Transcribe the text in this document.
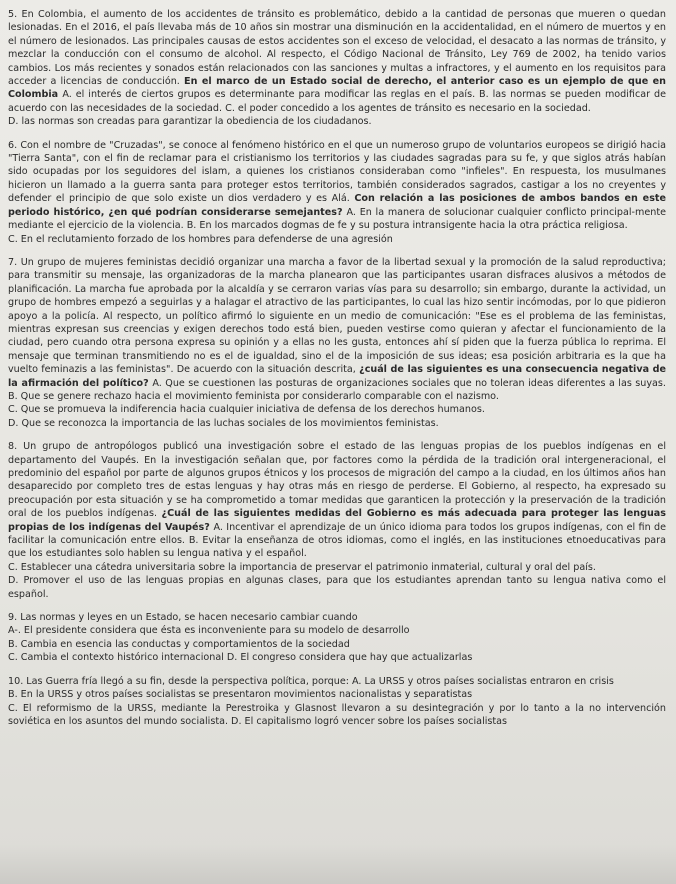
5. En Colombia, el aumento de los accidentes de tránsito es problemático, debido a la cantidad de personas que mueren o quedan lesionadas. En el 2016, el país llevaba más de 10 años sin mostrar una disminución en la accidentalidad, en el número de muertos y en el número de lesionados. Las principales causas de estos accidentes son el exceso de velocidad, el desacato a las normas de tránsito, y mezclar la conducción con el consumo de alcohol. Al respecto, el Código Nacional de Tránsito, Ley 769 de 2002, ha tenido varios cambios. Los más recientes y sonados están relacionados con las sanciones y multas a infractores, y el aumento en los requisitos para acceder a licencias de conducción. En el marco de un Estado social de derecho, el anterior caso es un ejemplo de que en Colombia A. el interés de ciertos grupos es determinante para modificar las reglas en el país. B. las normas se pueden modificar de acuerdo con las necesidades de la sociedad. C. el poder concedido a los agentes de tránsito es necesario en la sociedad.

D. las normas son creadas para garantizar la obediencia de los ciudadanos.

6. Con el nombre de "Cruzadas", se conoce al fenómeno histórico en el que un numeroso grupo de voluntarios europeos se dirigió hacia "Tierra Santa", con el fin de reclamar para el cristianismo los territorios y las ciudades sagradas para su fe, y que siglos atrás habían sido ocupadas por los seguidores del islam, a quienes los cristianos consideraban como "infieles". En respuesta, los musulmanes hicieron un llamado a la guerra santa para proteger estos territorios, también considerados sagrados, castigar a los no creyentes y defender el principio de que solo existe un dios verdadero y es Alá. Con relación a las posiciones de ambos bandos en este periodo histórico, ¿en qué podrían considerarse semejantes? A. En la manera de solucionar cualquier conflicto principal-mente mediante el ejercicio de la violencia. B. En los marcados dogmas de fe y su postura intransigente hacia la otra práctica religiosa.

C. En el reclutamiento forzado de los hombres para defenderse de una agresión

7. Un grupo de mujeres feministas decidió organizar una marcha a favor de la libertad sexual y la promoción de la salud reproductiva; para transmitir su mensaje, las organizadoras de la marcha planearon que las participantes usaran disfraces alusivos a métodos de planificación. La marcha fue aprobada por la alcaldía y se cerraron varias vías para su desarrollo; sin embargo, durante la actividad, un grupo de hombres empezó a seguirlas y a halagar el atractivo de las participantes, lo cual las hizo sentir incómodas, por lo que pidieron apoyo a la policía. Al respecto, un político afirmó lo siguiente en un medio de comunicación: "Ese es el problema de las feministas, mientras expresan sus creencias y exigen derechos todo está bien, pueden vestirse como quieran y afectar el funcionamiento de la ciudad, pero cuando otra persona expresa su opinión y a ellas no les gusta, entonces ahí sí piden que la fuerza pública lo reprima. El mensaje que terminan transmitiendo no es el de igualdad, sino el de la imposición de sus ideas; esa posición arbitraria es la que ha vuelto feminazis a las feministas". De acuerdo con la situación descrita, ¿cuál de las siguientes es una consecuencia negativa de la afirmación del político? A. Que se cuestionen las posturas de organizaciones sociales que no toleran ideas diferentes a las suyas. B. Que se genere rechazo hacia el movimiento feminista por considerarlo comparable con el nazismo.

C. Que se promueva la indiferencia hacia cualquier iniciativa de defensa de los derechos humanos.

D. Que se reconozca la importancia de las luchas sociales de los movimientos feministas.

8. Un grupo de antropólogos publicó una investigación sobre el estado de las lenguas propias de los pueblos indígenas en el departamento del Vaupés. En la investigación señalan que, por factores como la pérdida de la tradición oral intergeneracional, el predominio del español por parte de algunos grupos étnicos y los procesos de migración del campo a la ciudad, en los últimos años han desaparecido por completo tres de estas lenguas y hay otras más en riesgo de perderse. El Gobierno, al respecto, ha expresado su preocupación por esta situación y se ha comprometido a tomar medidas que garanticen la protección y la preservación de la tradición oral de los pueblos indígenas. ¿Cuál de las siguientes medidas del Gobierno es más adecuada para proteger las lenguas propias de los indígenas del Vaupés? A. Incentivar el aprendizaje de un único idioma para todos los grupos indígenas, con el fin de facilitar la comunicación entre ellos. B. Evitar la enseñanza de otros idiomas, como el inglés, en las instituciones etnoeducativas para que los estudiantes solo hablen su lengua nativa y el español.

C. Establecer una cátedra universitaria sobre la importancia de preservar el patrimonio inmaterial, cultural y oral del país.

D. Promover el uso de las lenguas propias en algunas clases, para que los estudiantes aprendan tanto su lengua nativa como el español.

9. Las normas y leyes en un Estado, se hacen necesario cambiar cuando

A-. El presidente considera que ésta es inconveniente para su modelo de desarrollo

B. Cambia en esencia las conductas y comportamientos de la sociedad

C. Cambia el contexto histórico internacional D. El congreso considera que hay que actualizarlas

10. Las Guerra fría llegó a su fin, desde la perspectiva política, porque: A. La URSS y otros países socialistas entraron en crisis

B. En la URSS y otros países socialistas se presentaron movimientos nacionalistas y separatistas

C. El reformismo de la URSS, mediante la Perestroika y Glasnost llevaron a su desintegración y por lo tanto a la no intervención soviética en los asuntos del mundo socialista. D. El capitalismo logró vencer sobre los países socialistas
